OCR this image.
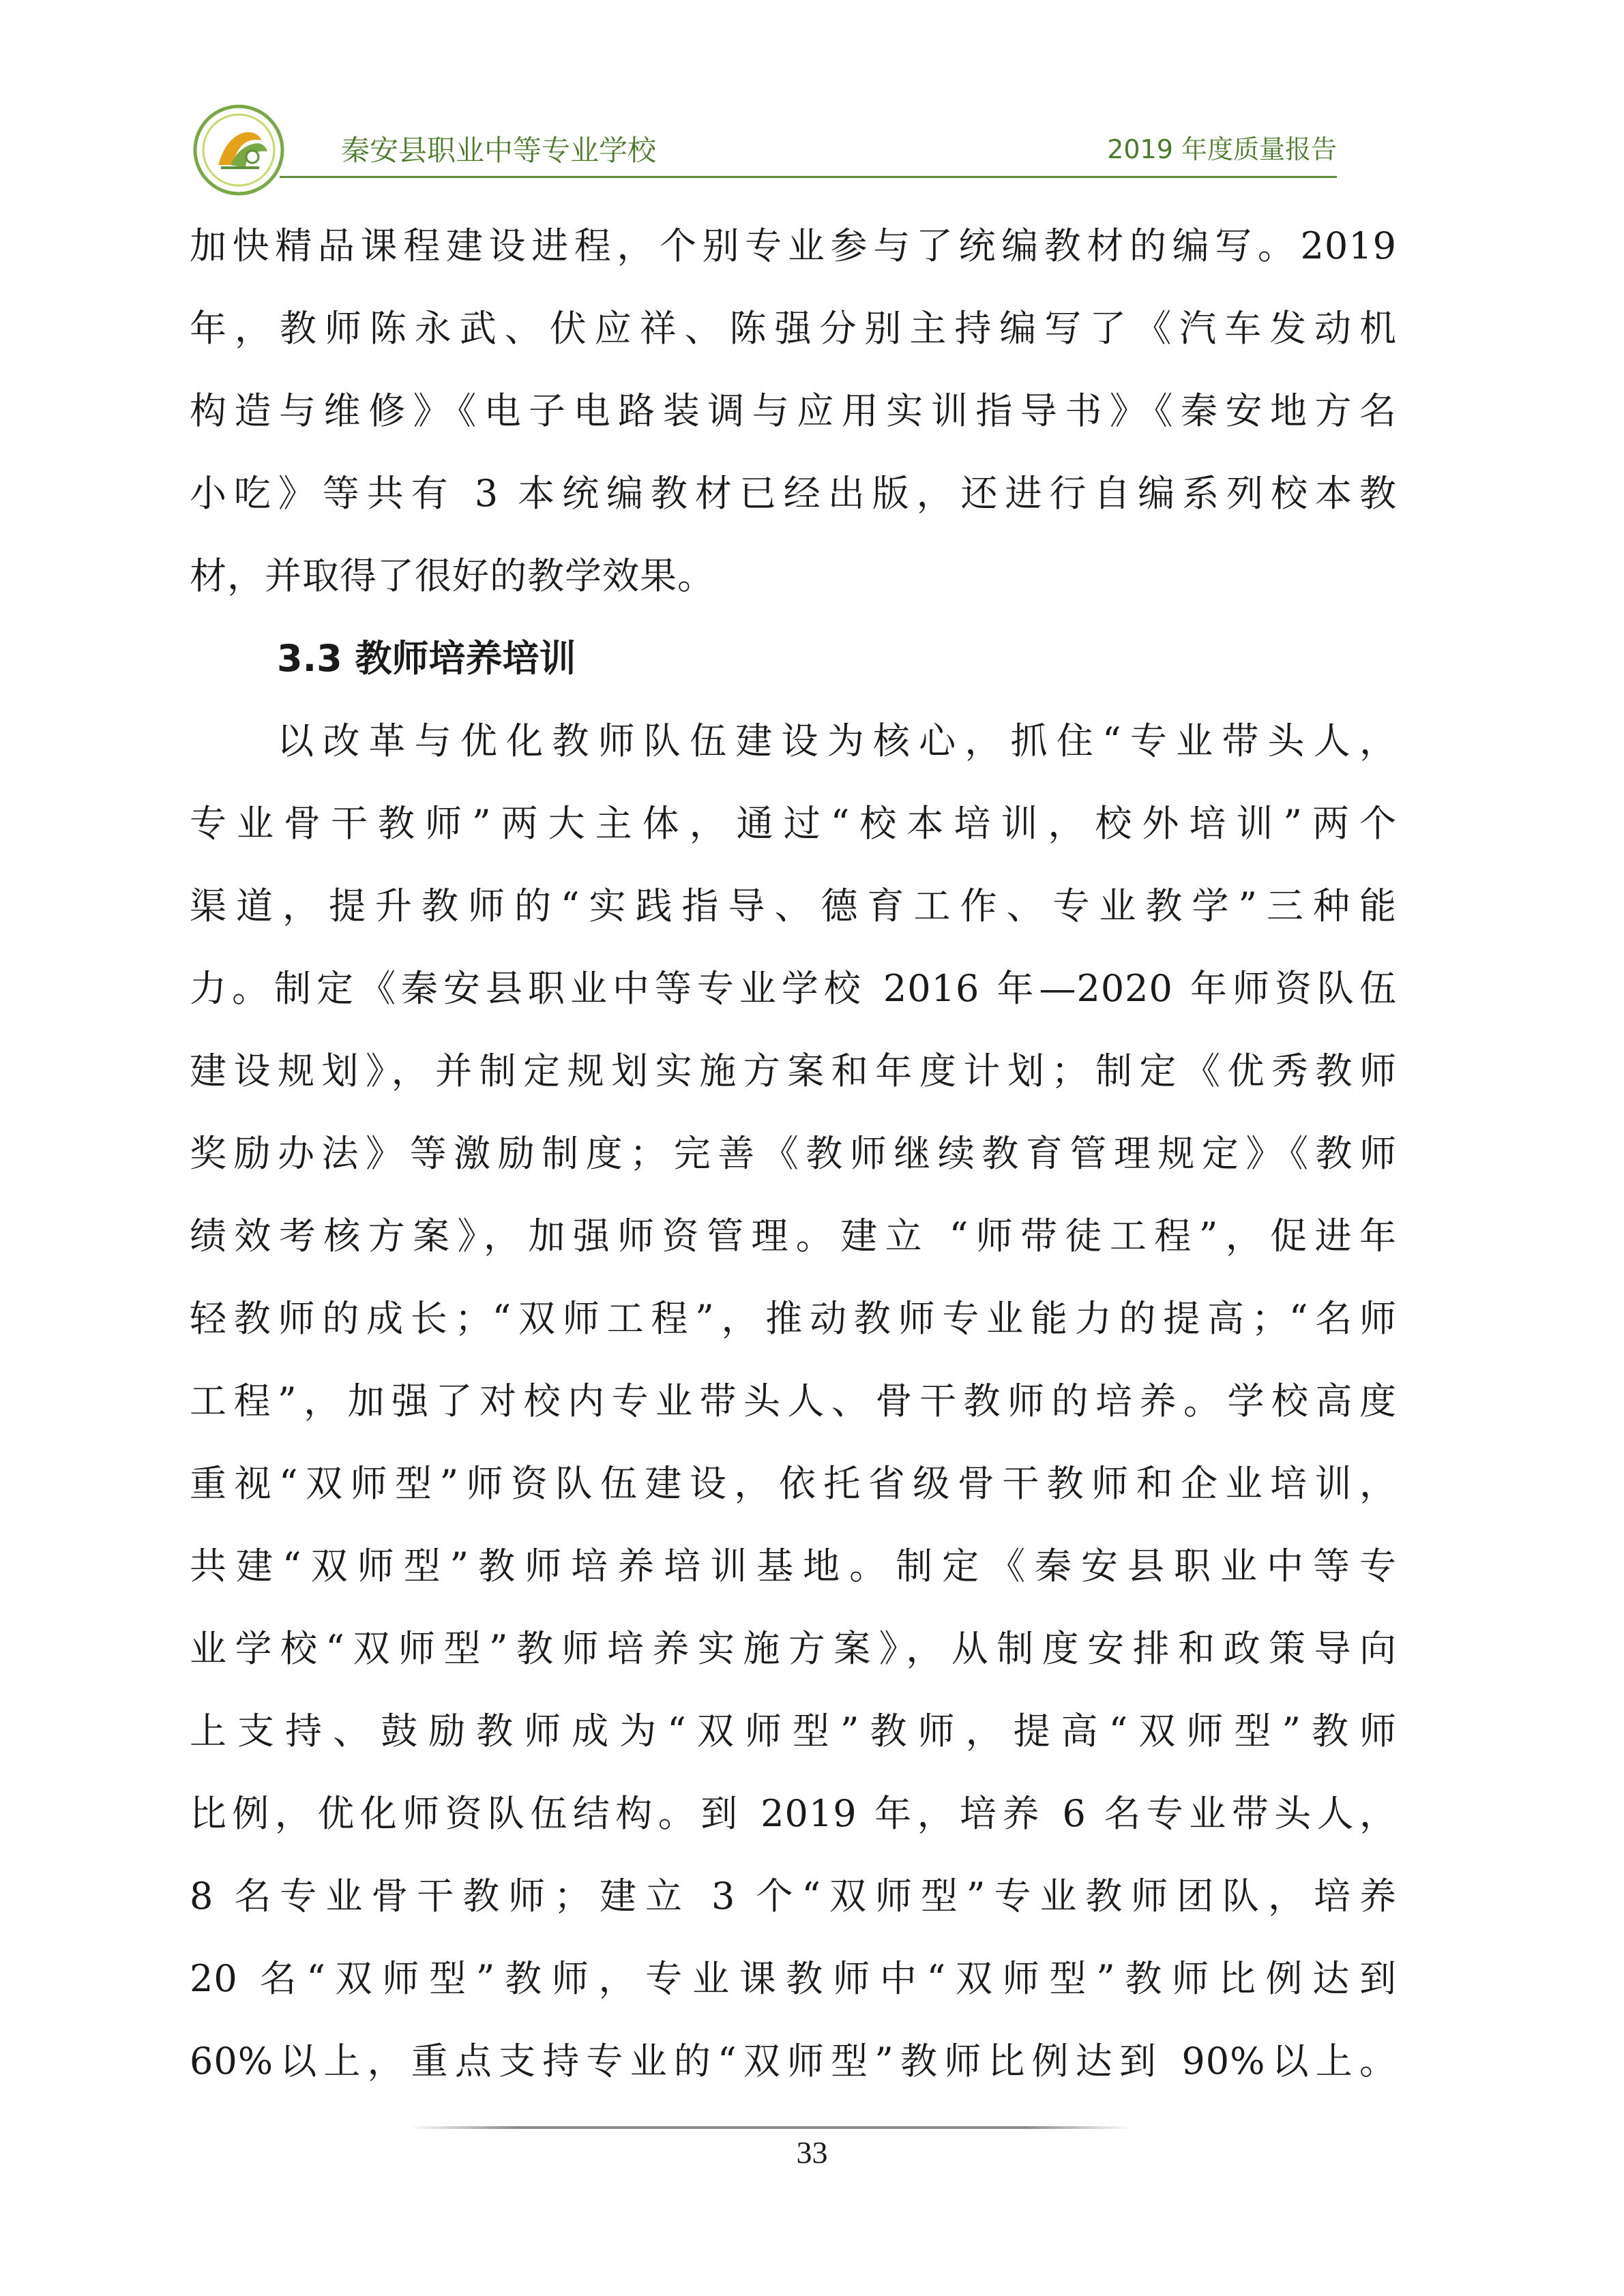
秦安县职业中等专业学校	2019 年度质量报告
加快精品课程建设进程，个别专业参与了统编教材的编写。2019
年，教师陈永武、伏应祥、陈强分别主持编写了《汽车发动机
构造与维修》《电子电路装调与应用实训指导书》《秦安地方名
小吃》等共有 3 本统编教材已经出版，还进行自编系列校本教
材，并取得了很好的教学效果。
3.3 教师培养培训
以改革与优化教师队伍建设为核心，抓住“专业带头人，
专业骨干教师”两大主体，通过“校本培训，校外培训”两个
渠道，提升教师的“实践指导、德育工作、专业教学”三种能
力。制定《秦安县职业中等专业学校 2016 年—2020 年师资队伍
建设规划》，并制定规划实施方案和年度计划；制定《优秀教师
奖励办法》等激励制度；完善《教师继续教育管理规定》《教师
绩效考核方案》，加强师资管理。建立 “师带徒工程”，促进年
轻教师的成长；“双师工程”，推动教师专业能力的提高；“名师
工程”，加强了对校内专业带头人、骨干教师的培养。学校高度
重视“双师型”师资队伍建设，依托省级骨干教师和企业培训，
共建“双师型”教师培养培训基地。制定《秦安县职业中等专
业学校“双师型”教师培养实施方案》，从制度安排和政策导向
上支持、鼓励教师成为“双师型”教师，提高“双师型”教师
比例，优化师资队伍结构。到 2019 年，培养 6 名专业带头人，
8 名专业骨干教师；建立 3 个“双师型”专业教师团队，培养
20 名“双师型”教师，专业课教师中“双师型”教师比例达到
60%以上，重点支持专业的“双师型”教师比例达到 90%以上。
33
